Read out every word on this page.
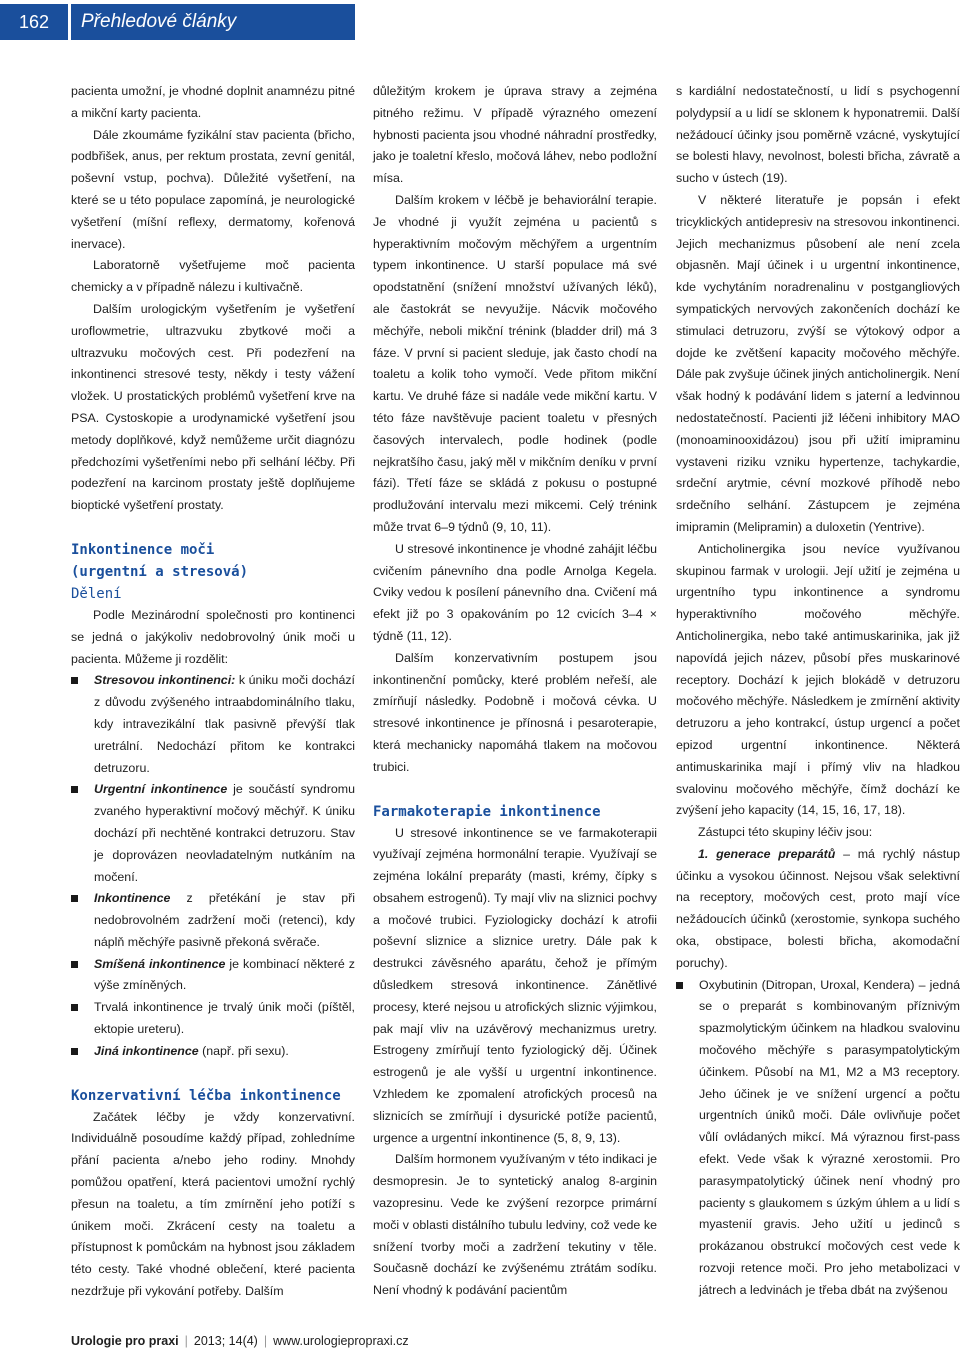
162	Přehledové články

pacienta umožní, je vhodné doplnit anamnézu pitné a mikční karty pacienta.

Dále zkoumáme fyzikální stav pacienta (břicho, podbřišek, anus, per rektum prostata, zevní genitál, poševní vstup, pochva). Důležité vyšetření, na které se u této populace zapomíná, je neurologické vyšetření (míšní reflexy, dermatomy, kořenová inervace).

Laboratorně vyšetřujeme moč pacienta chemicky a v případně nálezu i kultivačně.

Dalším urologickým vyšetřením je vyšetření uroflowmetrie, ultrazvuku zbytkové moči a ultrazvuku močových cest. Při podezření na inkontinenci stresové testy, někdy i testy vážení vložek. U prostatických problémů vyšetření krve na PSA. Cystoskopie a urodynamické vyšetření jsou metody doplňkové, když nemůžeme určit diagnózu předchozími vyšetřeními nebo při selhání léčby. Při podezření na karcinom prostaty ještě doplňujeme bioptické vyšetření prostaty.

Inkontinence moči
(urgentní a stresová)
Dělení

Podle Mezinárodní společnosti pro kontinenci se jedná o jakýkoliv nedobrovolný únik moči u pacienta. Můžeme ji rozdělit:

Stresovou inkontinenci: k úniku moči dochází z důvodu zvýšeného intraabdominálního tlaku, kdy intravezikální tlak pasivně převýší tlak uretrální. Nedochází přitom ke kontrakci detruzoru.
Urgentní inkontinence je součástí syndromu zvaného hyperaktivní močový měchýř. K úniku dochází při nechtěné kontrakci detruzoru. Stav je doprovázen neovladatelným nutkáním na močení.
Inkontinence z přetékání je stav při nedobrovolném zadržení moči (retenci), kdy náplň měchýře pasivně překoná svěrače.
Smíšená inkontinence je kombinací některé z výše zmíněných.
Trvalá inkontinence je trvalý únik moči (píštěl, ektopie ureteru).
Jiná inkontinence (např. při sexu).
Konzervativní léčba inkontinence

Začátek léčby je vždy konzervativní. Individuálně posoudíme každý případ, zohledníme přání pacienta a/nebo jeho rodiny. Mnohdy pomůžou opatření, která pacientovi umožní rychlý přesun na toaletu, a tím zmírnění jeho potíží s únikem moči. Zkrácení cesty na toaletu a přístupnost k pomůckám na hybnost jsou základem této cesty. Také vhodné oblečení, které pacienta nezdržuje při vykování potřeby. Dalším

důležitým krokem je úprava stravy a zejména pitného režimu. V případě výrazného omezení hybnosti pacienta jsou vhodné náhradní prostředky, jako je toaletní křeslo, močová láhev, nebo podložní mísa.

Dalším krokem v léčbě je behaviorální terapie. Je vhodné ji využít zejména u pacientů s hyperaktivním močovým měchýřem a urgentním typem inkontinence. U starší populace má své opodstatnění (snížení množství užívaných léků), ale častokrát se nevyužije. Nácvik močového měchýře, neboli mikční trénink (bladder dril) má 3 fáze. V první si pacient sleduje, jak často chodí na toaletu a kolik toho vymočí. Vede přitom mikční kartu. Ve druhé fáze si nadále vede mikční kartu. V této fáze navštěvuje pacient toaletu v přesných časových intervalech, podle hodinek (podle nejkratšího času, jaký měl v mikčním deníku v první fázi). Třetí fáze se skládá z pokusu o postupné prodlužování intervalu mezi mikcemi. Celý trénink může trvat 6–9 týdnů (9, 10, 11).

U stresové inkontinence je vhodné zahájit léčbu cvičením pánevního dna podle Arnolga Kegela. Cviky vedou k posílení pánevního dna. Cvičení má efekt již po 3 opakováním po 12 cvicích 3–4 × týdně (11, 12).

Dalším konzervativním postupem jsou inkontinenční pomůcky, které problém neřeší, ale zmírňují následky. Podobně i močová cévka. U stresové inkontinence je přínosná i pesaroterapie, která mechanicky napomáhá tlakem na močovou trubici.

Farmakoterapie inkontinence

U stresové inkontinence se ve farmakoterapii využívají zejména hormonální terapie. Využívají se zejména lokální preparáty (masti, krémy, čípky s obsahem estrogenů). Ty mají vliv na sliznici pochvy a močové trubici. Fyziologicky dochází k atrofii poševní sliznice a sliznice uretry. Dále pak k destrukci závěsného aparátu, čehož je přímým důsledkem stresová inkontinence. Zánětlivé procesy, které nejsou u atrofických sliznic výjimkou, pak mají vliv na uzávěrový mechanizmus uretry. Estrogeny zmírňují tento fyziologický děj. Účinek estrogenů je ale vyšší u urgentní inkontinence. Vzhledem ke zpomalení atrofických procesů na sliznicích se zmírňují i dysurické potíže pacientů, urgence a urgentní inkontinence (5, 8, 9, 13).

Dalším hormonem využívaným v této indikaci je desmopresin. Je to syntetický analog 8-arginin vazopresinu. Vede ke zvýšení rezorpce primární moči v oblasti distálního tubulu ledviny, což vede ke snížení tvorby moči a zadržení tekutiny v těle. Současně dochází ke zvýšenému ztrátám sodíku. Není vhodný k podávání pacientům

s kardiální nedostatečností, u lidí s psychogenní polydypsií a u lidí se sklonem k hyponatremii. Další nežádoucí účinky jsou poměrně vzácné, vyskytující se bolesti hlavy, nevolnost, bolesti břicha, závratě a sucho v ústech (19).

V některé literatuře je popsán i efekt tricyklických antidepresiv na stresovou inkontinenci. Jejich mechanizmus působení ale není zcela objasněn. Mají účinek i u urgentní inkontinence, kde vychytáním noradrenalinu v postgangliových sympatických nervových zakončeních dochází ke stimulaci detruzoru, zvýší se výtokový odpor a dojde ke zvětšení kapacity močového měchýře. Dále pak zvyšuje účinek jiných anticholinergik. Není však hodný k podávání lidem s jaterní a ledvinnou nedostatečností. Pacienti již léčeni inhibitory MAO (monoaminooxidázou) jsou při užití imipraminu vystaveni riziku vzniku hypertenze, tachykardie, srdeční arytmie, cévní mozkové příhodě nebo srdečního selhání. Zástupcem je zejména imipramin (Melipramin) a duloxetin (Yentrive).

Anticholinergika jsou nevíce využívanou skupinou farmak v urologii. Její užití je zejména u urgentního typu inkontinence a syndromu hyperaktivního močového měchýře. Anticholinergika, nebo také antimuskarinika, jak již napovídá jejich název, působí přes muskarinové receptory. Dochází k jejich blokádě v detruzoru močového měchýře. Následkem je zmírnění aktivity detruzoru a jeho kontrakcí, ústup urgencí a počet epizod urgentní inkontinence. Některá antimuskarinika mají i přímý vliv na hladkou svalovinu močového měchýře, čímž dochází ke zvýšení jeho kapacity (14, 15, 16, 17, 18).

Zástupci této skupiny léčiv jsou:

1. generace preparátů – má rychlý nástup účinku a vysokou účinnost. Nejsou však selektivní na receptory, močových cest, proto mají více nežádoucích účinků (xerostomie, synkopa suchého oka, obstipace, bolesti břicha, akomodační poruchy).

Oxybutinin (Ditropan, Uroxal, Kendera) – jedná se o preparát s kombinovaným příznivým spazmolytickým účinkem na hladkou svalovinu močového měchýře s parasympatolytickým účinkem. Působí na M1, M2 a M3 receptory. Jeho účinek je ve snížení urgencí a počtu urgentních úniků moči. Dále ovlivňuje počet vůlí ovládaných mikcí. Má výraznou first-pass efekt. Vede však k výrazné xerostomii. Pro parasympatolytický účinek není vhodný pro pacienty s glaukomem s úzkým úhlem a u lidí s myastenií gravis. Jeho užití u jedinců s prokázanou obstrukcí močových cest vede k rozvoji retence moči. Pro jeho metabolizaci v játrech a ledvinách je třeba dbát na zvýšenou
Urologie pro praxi | 2013; 14(4) | www.urologiepropraxi.cz
